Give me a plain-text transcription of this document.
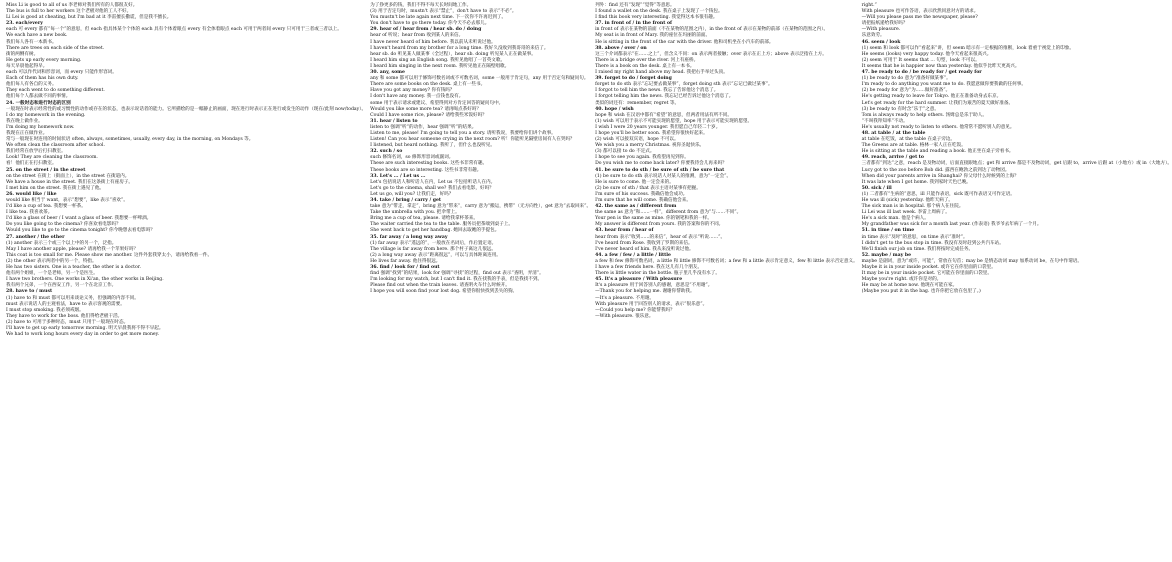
Miss Li is good to all of us 李老师对我们所有的人都很友好。
The bus is full to her workers 这个老板对他的工人不好。
Li Lei is good at cheating, but I'm bad at it 李雷擅长撒谎，但是我不擅长。
23. each/every
each 可 every 都有“每一个”的意思，但 each 指具体某个个体的 each 具有个体着眼点 every 有全体着眼点 each 可用于两者间 every 只可用于三者或三者以上。
We each have a new book.
我们每人各有一本新书。
There are trees on each side of the street.
街的两侧有树。
He gets up early every morning.
每天早晨他起得早。
each 可以作代词和形容词，而 every 只能作形容词。
Each of them has his own duty.
他们每人有各自的义务。
They each went to do something different.
他们每个人都去做不同的事情。
24. 一般时态和进行时态的区别
一般现在时表示经常性的或习惯性的动作或存在的状态，也表示说话者的能力。它所描绘的是一幅静止的画面，现在进行时表示正在进行或发生的动作（现在/此刻 now/today）。
I do my homework in the evening.
我在晚上做作业。
I'm doing my homework now.
我现在正在做作业。
常与一般现在时连用的时间状语 often, always, sometimes, usually, every day, in the morning, on Mondays 等。
We often clean the classroom after school.
我们经常在放学后打扫教室。
Look! They are cleaning the classroom.
看！他们正在打扫教室。
25. on the street / in the street
on the street 在街上（街面上），in the street 在街道内。
We have a house in the street. 我们在这条街上有座房子。
I met him on the street. 我在街上遇见了他。
26. would like / like
would like 相当于 want，表示“想要”，like 表示“喜欢”。
I'd like a cup of tea. 我想要一杯茶。
I like tea. 我喜欢茶。
I'd like a glass of beer / I want a glass of beer. 我想要一杯啤酒。
Do you like going to the cinema? 你喜欢看电影吗？
Would you like to go to the cinema tonight? 你今晚想去看电影吗？
27. another / the other
(1) another 表示三个或三个以上中的另一个，泛指。
May I have another apple, please? 请再给我一个苹果好吗？
This coat is too small for me. Please show me another. 这件外套我穿太小，请再给我看一件。
(2) the other 表示两者中的另一个，特指。
He has two sisters. One is a teacher, the other is a doctor.
他有两个姐姐，一个是老师，另一个是医生。
I have two brothers. One works in Xi'an, the other works in Beijing.
我有两个兄弟，一个在西安工作，另一个在北京工作。
28. have to / must
(1) have to 和 must 都可以用来谈论义务，但强调的内容不同。
must 表示说话人的主观看法，have to 表示客观的需要。
I must stop smoking. 我必须戒烟。
They have to work for the boss. 他们得给老板干活。
(2) have to 可用于多种时态，must 只用于一般现在时态。
I'll have to get up early tomorrow morning. 明天早晨我将不得不早起。
We had to work long hours every day in order to get more money.
为了挣更多的钱，我们不得不每天长时间地工作。
(3) 用于否定句时，mustn't 表示“禁止”，don't have to 表示“不必”。
You mustn't be late again next time. 下一次你不许再迟到了。
You don't have to go there today. 你今天不必去那儿。
29. hear of / hear from / hear sb. do / doing
hear of 听说；hear from 收到某人的来信。
I have never heard of him before. 我以前从未听说过他。
I haven't heard from my brother for a long time. 我好久没收到我哥哥的来信了。
hear sb. do 听见某人做某事（全过程），hear sb. doing 听见某人正在做某事。
I heard him sing an English song. 我听见他唱了一首英文歌。
I heard him singing in the next room. 我听见他正在隔壁唱歌。
30. any, some
any 和 some 都可以用于修饰可数名词或不可数名词，some 一般用于肯定句，any 用于否定句和疑问句。
There are some books on the desk. 桌上有一些书。
Have you got any money? 你有钱吗？
I don't have any money. 我一点钱也没有。
some 用于表示请求或建议、希望得到对方肯定回答的疑问句中。
Would you like some more tea? 请再喝点茶好吗？
Could I have some rice, please? 请给我些米饭好吗？
31. hear / listen to
listen to 强调“听”的动作，hear 强调“听”的结果。
Listen to me, please! I'm going to tell you a story. 请听我说，我要给你们讲个故事。
Listen! Can you hear someone crying in the next room? 听！你能听见隔壁房间有人在哭吗？
I listened, but heard nothing. 我听了，但什么也没听见。
32. such / so
such 修饰名词，so 修饰形容词或副词。
These are such interesting books. 这些书非常有趣。
These books are so interesting. 这些书非常有趣。
33. Let's ... / Let us ...
Let's 包括说话人和听话人在内，Let us 不包括听话人在内。
Let's go to the cinema, shall we? 我们去看电影，好吗？
Let us go, will you? 让我们走，好吗？
34. take / bring / carry / get
take 意为“带走，拿走”，bring 意为“带来”，carry 意为“搬运，携带”（无方向性），get 意为“去取回来”。
Take the umbrella with you. 把伞带上。
Bring me a cup of tea, please. 请给我拿杯茶来。
The waiter carried the tea to the table. 服务员把茶端到桌子上。
She went back to get her handbag. 她回去取她的手提包。
35. far away / a long way away
(1) far away 表示“遥远的”，一般放在名词后，作后置定语。
The village is far away from here. 那个村子离这儿很远。
(2) a long way away 表示“距离很远”，可以与具体距离连用。
He lives far away. 他住得很远。
36. find / look for / find out
find 强调“找到”的结果，look for 强调“寻找”的过程，find out 表示“查明，弄清”。
I'm looking for my watch, but I can't find it. 我在找我的手表，但是我找不到。
Please find out when the train leaves. 请查明火车什么时候开。
I hope you will soon find your lost dog. 希望你很快找到丢失的狗。
列外：find 还有“发现”“觉得”等意思。
I found a wallet on the desk. 我在桌子上发现了一个钱包。
I find this book very interesting. 我觉得这本书很有趣。
37. in front of / in the front of
in front of 表示在某物的前面（不在某物的范围之内），in the front of 表示在某物的前部（在某物的范围之内）。
My seat is in front of Mary. 我的座位在玛丽的前面。
He is sitting in the front of the car with the driver. 他和司机坐在小汽车的前部。
38. above / over / on
这三个介词都表示“在……之上”，但含义不同：on 表示两者接触；over 表示在正上方；above 表示泛指在上方。
There is a bridge over the river. 河上有座桥。
There is a book on the desk. 桌上有一本书。
I raised my right hand above my head. 我把右手举过头顶。
39. forget to do / forget doing
forget to do sth 表示“忘记要去做某事”，forget doing sth 表示“忘记已做过某事”。
I forgot to tell him the news. 我忘了告诉他这个消息了。
I forgot telling him the news. 我忘记已经告诉过他这个消息了。
类似的词还有：remember, regret 等。
40. hope / wish
hope 和 wish 在汉语中都有“希望”的意思，但两者用法有所不同。
(1) wish 可以用于表示不可能实现的愿望，hope 用于表示可能实现的愿望。
I wish I were 20 years younger. 我但愿自己年轻二十岁。
I hope you'll be better soon. 我希望你很快好起来。
(2) wish 可以接双宾语，hope 不可以。
We wish you a merry Christmas. 祝你圣诞快乐。
(3) 都可以接 to do 不定式。
I hope to see you again. 我希望再见到你。
Do you wish me to come back later? 你要我待会儿再来吗？
41. be sure to do sth / be sure of sth / be sure that
(1) be sure to do sth 表示说话人对某人的推测，意为“一定会”。
He is sure to come. 他一定会来的。
(2) be sure of sth / that 表示主语对某事有把握。
I'm sure of his success. 我确信他会成功。
I'm sure that he will come. 我确信他会来。
42. the same as / different from
the same as 意为“和……一样”，different from 意为“与……不同”。
Your pen is the same as mine. 你的钢笔和我的一样。
My answer is different from yours. 我的答案和你的不同。
43. hear from / hear of
hear from 表示“收到……的来信”，hear of 表示“听说……”。
I've heard from Rose. 我收到了罗斯的来信。
I've never heard of him. 我从来没听说过他。
44. a few / few / a little / little
a few 和 few 修饰可数名词，a little 和 little 修饰不可数名词；a few 和 a little 表示肯定意义，few 和 little 表示否定意义。
I have a few friends here. 我在这儿有几个朋友。
There is little water in the bottle. 瓶子里几乎没有水了。
45. It's a pleasure / With pleasure
It's a pleasure 用于回答别人的感谢，意思是“不用谢”。
—Thank you for helping me. 谢谢你帮助我。
—It's a pleasure. 不用谢。
With pleasure 用于回答别人的请求，表示“很乐意”。
—Could you help me? 你能帮我吗？
—With pleasure. 很乐意。
right.”
With pleasure 也可作答语，表示欣然同意对方的请求。
—Will you please pass me the newspaper, please?
请把报纸递给我好吗？
—With pleasure.
乐意效劳。
46. seem / look
(1) seem 和 look 都可以作“看起来”讲，但 seem 暗示有一定根据的推断，look 着重于视觉上的印象。
He seems (looks) very happy today. 他今天看起来很高兴。
(2) seem 可用于 It seems that ... 句型，look 不可以。
It seems that he is happier now than yesterday. 他似乎比昨天更高兴。
47. be ready to do / be ready for / get ready for
(1) be ready to do 意为“准备好做某事”。
I'm ready to do anything you want me to do. 我愿意做你要我做的任何事。
(2) be ready for 意为“为……做好准备”。
He's getting ready to leave for Tokyo. 他正在准备动身去东京。
Let's get ready for the hard summer. 让我们为艰苦的夏天做好准备。
(3) be ready to 有时含“乐于”之意。
Tom is always ready to help others. 汤姆总是乐于助人。
“不叫我拜知率”不动。
He's usually not ready to listen to others. 他常常不愿听别人的意见。
48. at table / at the table
at table 在吃饭，at the table 在桌子旁边。
The Greens are at table. 格林一家人正在吃饭。
He is sitting at the table and reading a book. 他正坐在桌子旁看书。
49. reach, arrive / get to
三者都有“到达”之意，reach 是及物动词，后面直接跟地点；get 和 arrive 都是不及物动词，get 后跟 to，arrive 后跟 at（小地方）或 in（大地方）。
Lucy got to the zoo before Bob did. 露西在鲍勃之前到达了动物园。
When did your parents arrive in Shanghai? 你父母什么时候到的上海？
It was late when I got home. 我到家时天色已晚。
50. sick / ill
(1) 二者都有“生病的”意思，ill 只能作表语，sick 既可作表语又可作定语。
He was ill (sick) yesterday. 他昨天病了。
The sick man is in hospital. 那个病人在住院。
Li Lei was ill last week. 李雷上周病了。
He's a sick man. 他是个病人。
My grandfather was sick for a month last year. (作表语) 我爷爷去年病了一个月。
51. in time / on time
in time 表示“及时”的意思，on time 表示“准时”。
I didn't get to the bus stop in time. 我没有及时赶到公共汽车站。
We'll finish our job on time. 我们将按时完成任务。
52. maybe / may be
maybe 是副词，意为“或许，可能”，常放在句首；may be 是情态动词 may 加系动词 be，在句中作谓语。
Maybe it is in your inside pocket. 或许它在你里面的口袋里。
It may be in your inside pocket. 它可能在你里面的口袋里。
Maybe you're right. 或许你是对的。
He may be at home now. 他现在可能在家。
(Maybe you put it in the bag. 也许你把它放在包里了。)
